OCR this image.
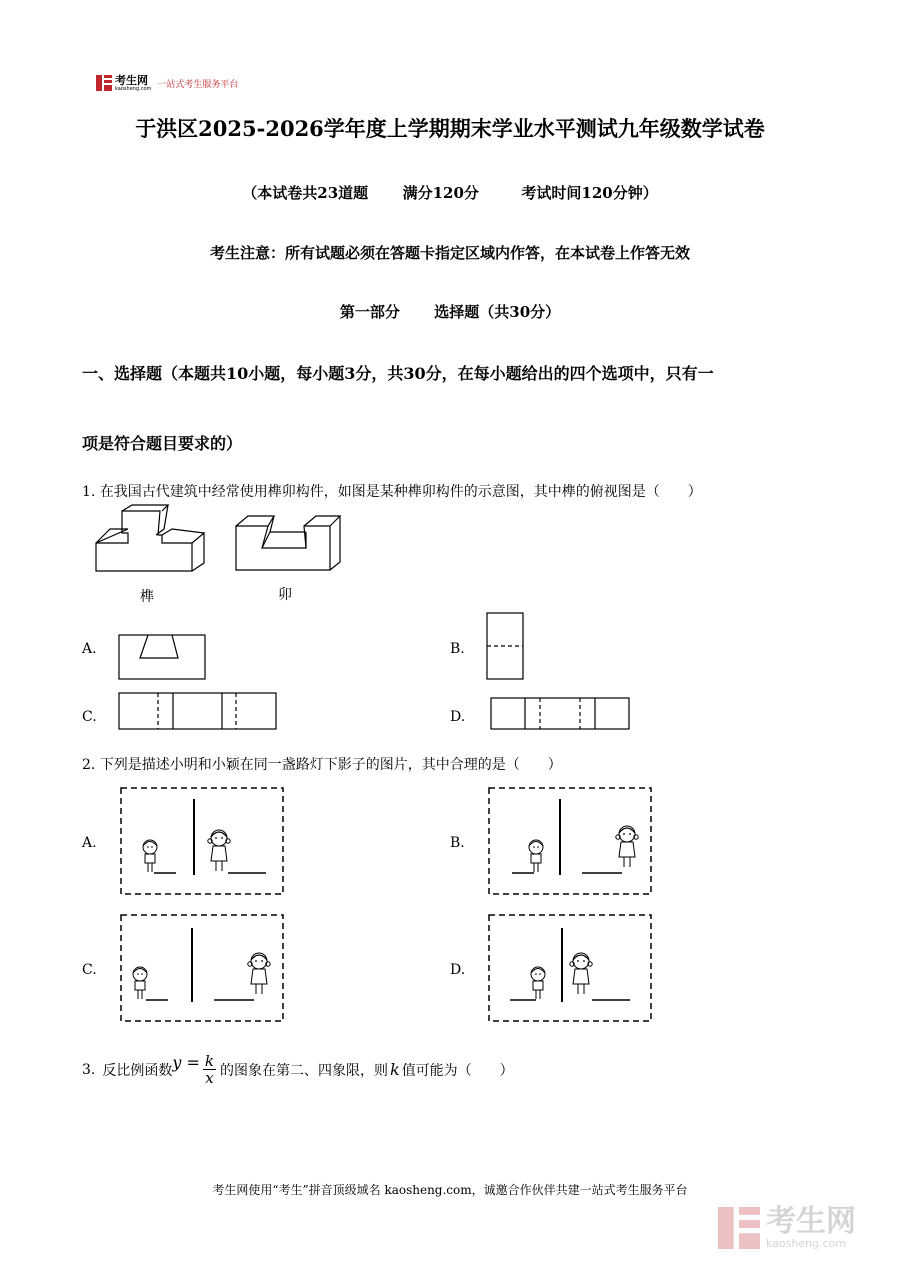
考生网
kaosheng.com 一站式考生服务平台
于洪区2025-2026学年度上学期期末学业水平测试九年级数学试卷
（本试卷共23道题 满分120分	考试时间120分钟）
考生注意：所有试题必须在答题卡指定区域内作答，在本试卷上作答无效
第一部分 选择题（共30分）
一、选择题（本题共10小题，每小题3分，共30分，在每小题给出的四个选项中，只有一
项是符合题目要求的）
1. 在我国古代建筑中经常使用榫卯构件，如图是某种榫卯构件的示意图，其中榫的俯视图是（　　）
榫	卯
A.	B.
C.	D.
2. 下列是描述小明和小颖在同一盏路灯下影子的图片，其中合理的是（　　）
A.	B.
C.	D.
3. 反比例函数 $y = \frac{k}{x}$ 的图象在第二、四象限，则 k 值可能为（　　）
考生网使用“考生”拼音顶级域名 kaosheng.com，诚邀合作伙伴共建一站式考生服务平台
考生网
kaosheng.com
